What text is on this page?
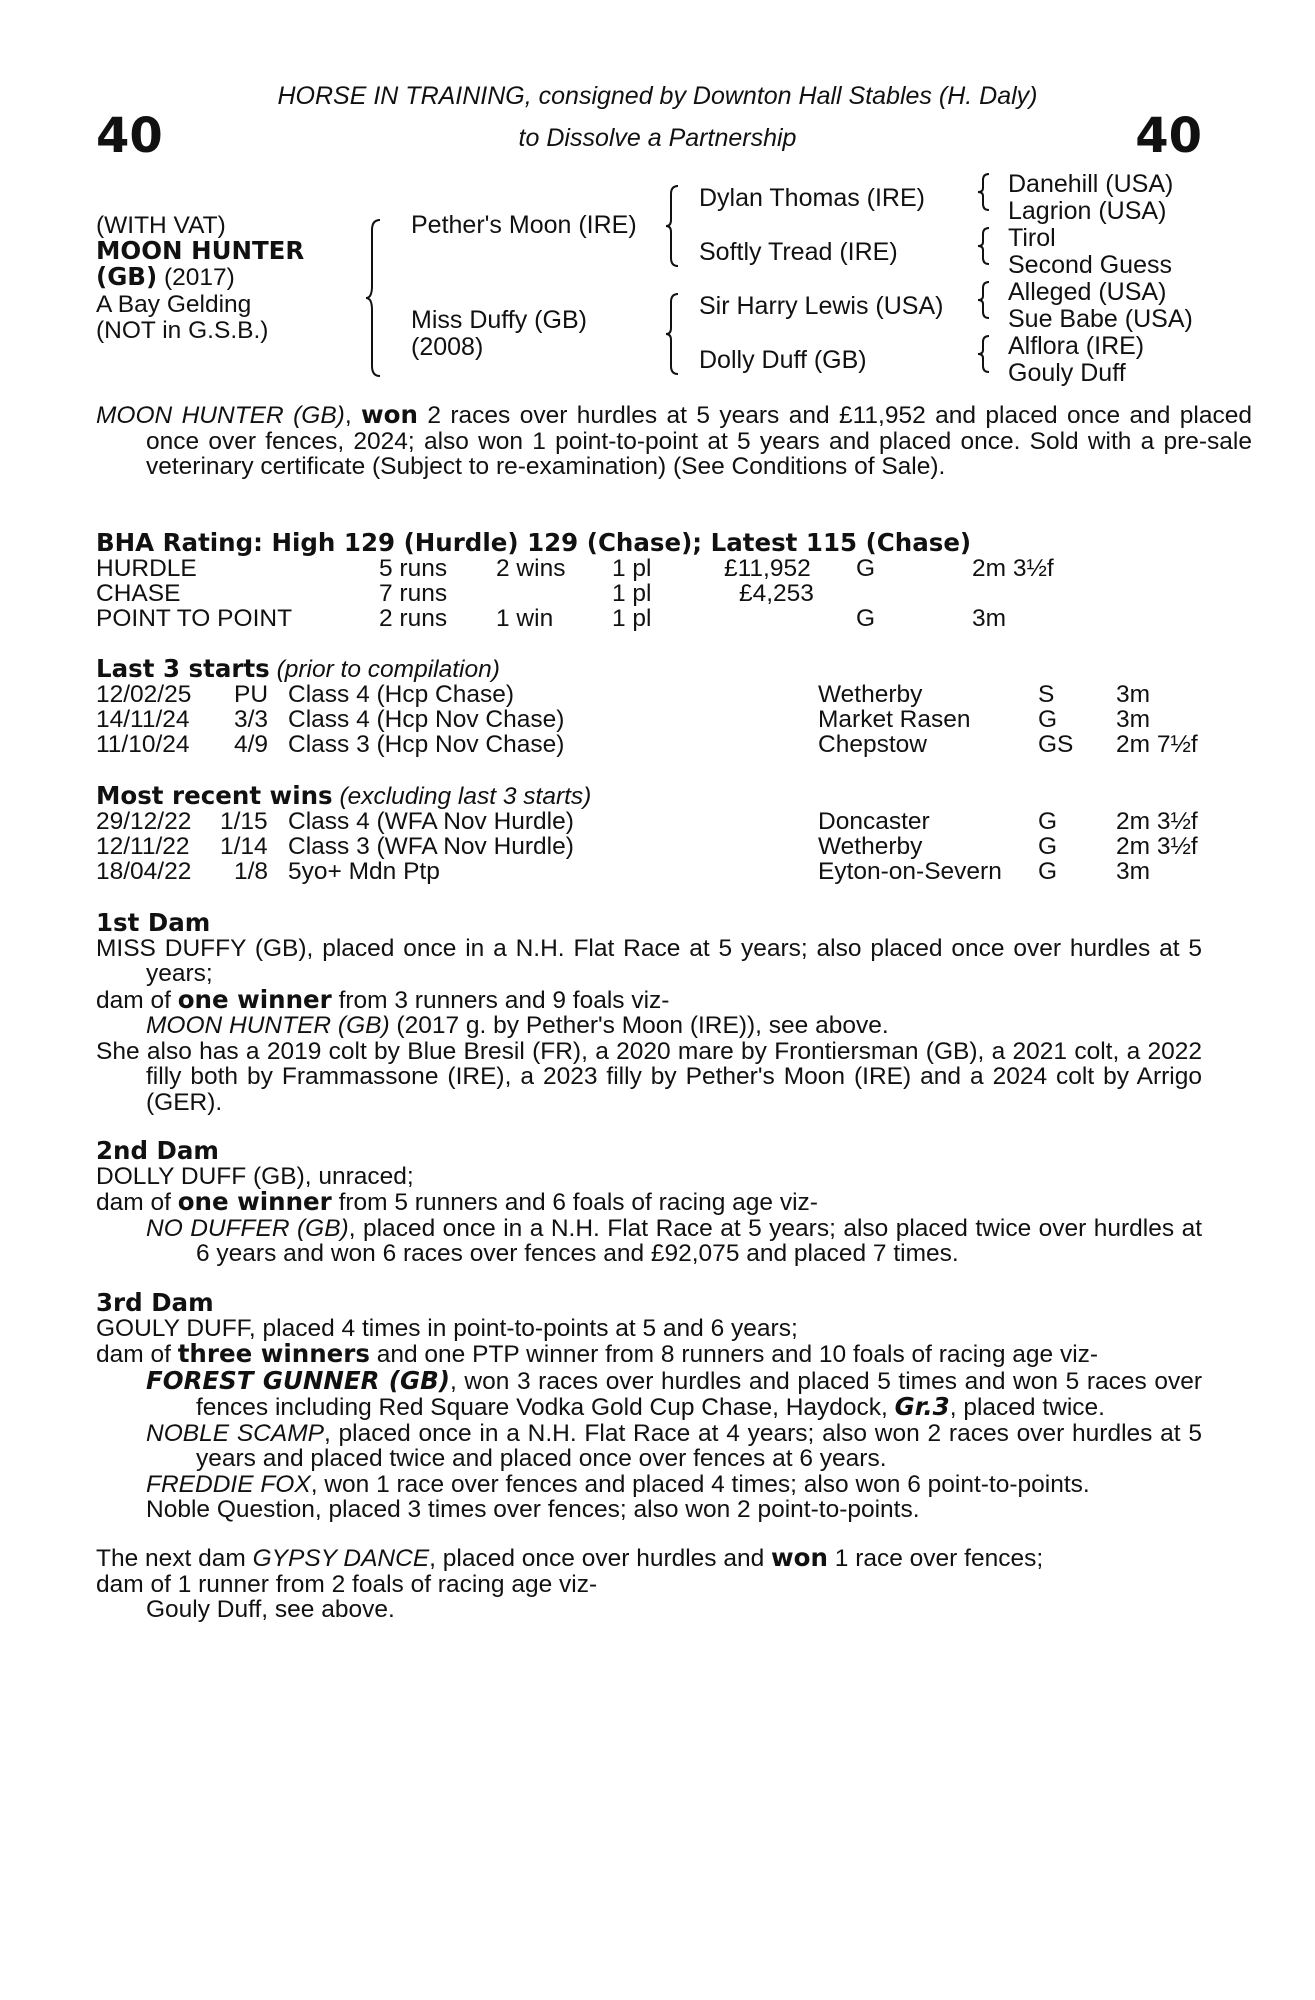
40	40
HORSE IN TRAINING, consigned by Downton Hall Stables (H. Daly)
to Dissolve a Partnership
(WITH VAT)
MOON HUNTER
(GB) (2017)
A Bay Gelding
(NOT in G.S.B.)
Pether's Moon (IRE)
Miss Duffy (GB)
(2008)
Dylan Thomas (IRE)
Softly Tread (IRE)
Sir Harry Lewis (USA)
Dolly Duff (GB)
Danehill (USA)
Lagrion (USA)
Tirol
Second Guess
Alleged (USA)
Sue Babe (USA)
Alflora (IRE)
Gouly Duff
MOON HUNTER (GB), won 2 races over hurdles at 5 years and £11,952 and placed once and placed once over fences, 2024; also won 1 point-to-point at 5 years and placed once. Sold with a pre-sale veterinary certificate (Subject to re-examination) (See Conditions of Sale).
BHA Rating: High 129 (Hurdle) 129 (Chase); Latest 115 (Chase)
HURDLE	5 runs 2 wins 1 pl	£11,952 G	2m 3½f
CHASE	7 runs	1 pl	£4,253
POINT TO POINT	2 runs 1 win 1 pl	G	3m
Last 3 starts (prior to compilation)
12/02/25 PU Class 4 (Hcp Chase)	Wetherby	S	3m
14/11/24 3/3 Class 4 (Hcp Nov Chase)	Market Rasen	G 3m
11/10/24 4/9 Class 3 (Hcp Nov Chase)	Chepstow	GS 2m 7½f
Most recent wins (excluding last 3 starts)
29/12/22 1/15 Class 4 (WFA Nov Hurdle)	Doncaster	G 2m 3½f
12/11/22 1/14 Class 3 (WFA Nov Hurdle)	Wetherby	G 2m 3½f
18/04/22 1/8 5yo+ Mdn Ptp	Eyton-on-Severn G 3m
1st Dam
MISS DUFFY (GB), placed once in a N.H. Flat Race at 5 years; also placed once over hurdles at 5 years;
dam of one winner from 3 runners and 9 foals viz-
MOON HUNTER (GB) (2017 g. by Pether's Moon (IRE)), see above.
She also has a 2019 colt by Blue Bresil (FR), a 2020 mare by Frontiersman (GB), a 2021 colt, a 2022 filly both by Frammassone (IRE), a 2023 filly by Pether's Moon (IRE) and a 2024 colt by Arrigo (GER).
2nd Dam
DOLLY DUFF (GB), unraced;
dam of one winner from 5 runners and 6 foals of racing age viz-
NO DUFFER (GB), placed once in a N.H. Flat Race at 5 years; also placed twice over hurdles at 6 years and won 6 races over fences and £92,075 and placed 7 times.
3rd Dam
GOULY DUFF, placed 4 times in point-to-points at 5 and 6 years;
dam of three winners and one PTP winner from 8 runners and 10 foals of racing age viz-
FOREST GUNNER (GB), won 3 races over hurdles and placed 5 times and won 5 races over fences including Red Square Vodka Gold Cup Chase, Haydock, Gr.3, placed twice.
NOBLE SCAMP, placed once in a N.H. Flat Race at 4 years; also won 2 races over hurdles at 5 years and placed twice and placed once over fences at 6 years.
FREDDIE FOX, won 1 race over fences and placed 4 times; also won 6 point-to-points.
Noble Question, placed 3 times over fences; also won 2 point-to-points.
The next dam GYPSY DANCE, placed once over hurdles and won 1 race over fences;
dam of 1 runner from 2 foals of racing age viz-
Gouly Duff, see above.
